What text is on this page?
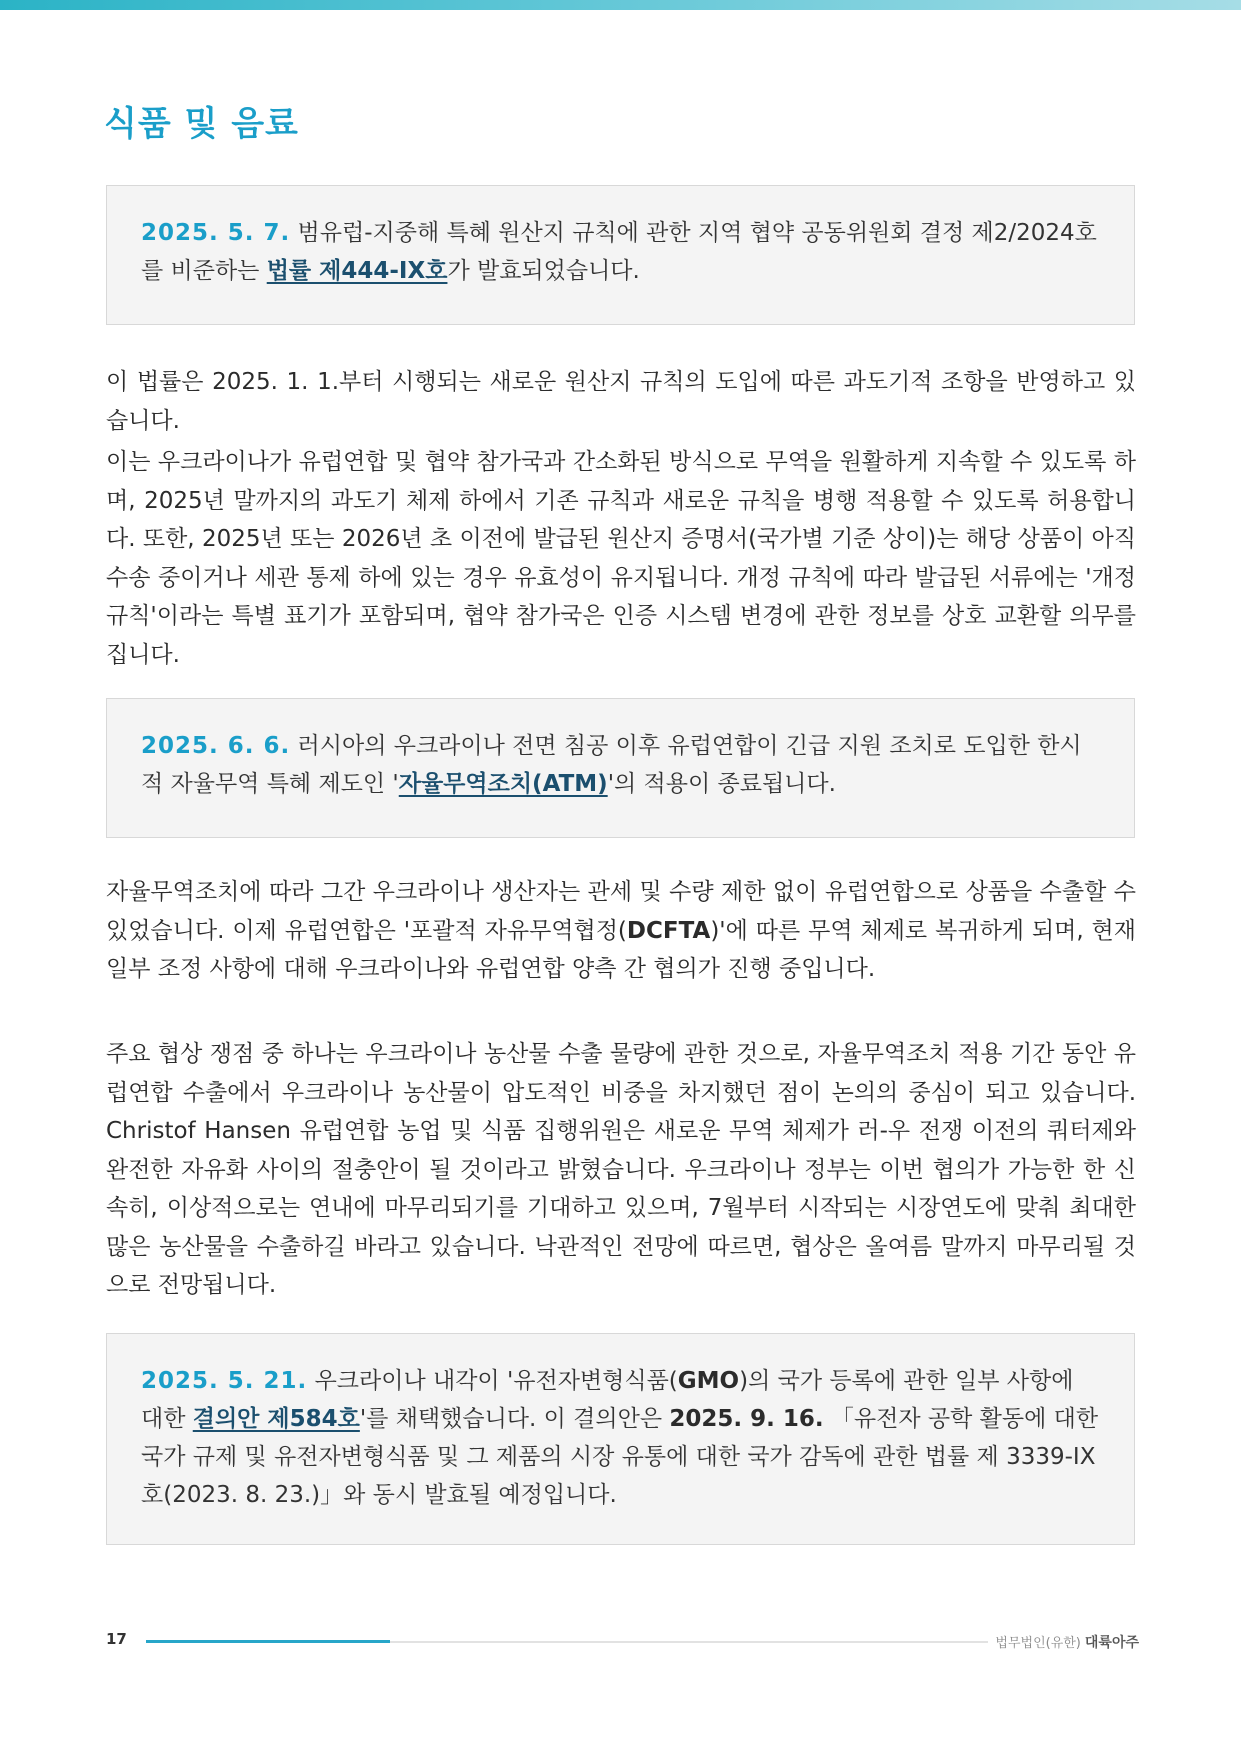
식품 및 음료
2025. 5. 7. 범유럽-지중해 특혜 원산지 규칙에 관한 지역 협약 공동위원회 결정 제2/2024호를 비준하는 법률 제444-IX호가 발효되었습니다.

이 법률은 2025. 1. 1.부터 시행되는 새로운 원산지 규칙의 도입에 따른 과도기적 조항을 반영하고 있습니다.

이는 우크라이나가 유럽연합 및 협약 참가국과 간소화된 방식으로 무역을 원활하게 지속할 수 있도록 하며, 2025년 말까지의 과도기 체제 하에서 기존 규칙과 새로운 규칙을 병행 적용할 수 있도록 허용합니다. 또한, 2025년 또는 2026년 초 이전에 발급된 원산지 증명서(국가별 기준 상이)는 해당 상품이 아직 수송 중이거나 세관 통제 하에 있는 경우 유효성이 유지됩니다. 개정 규칙에 따라 발급된 서류에는 '개정 규칙'이라는 특별 표기가 포함되며, 협약 참가국은 인증 시스템 변경에 관한 정보를 상호 교환할 의무를 집니다.

2025. 6. 6. 러시아의 우크라이나 전면 침공 이후 유럽연합이 긴급 지원 조치로 도입한 한시적 자율무역 특혜 제도인 '자율무역조치(ATM)'의 적용이 종료됩니다.

자율무역조치에 따라 그간 우크라이나 생산자는 관세 및 수량 제한 없이 유럽연합으로 상품을 수출할 수 있었습니다. 이제 유럽연합은 '포괄적 자유무역협정(DCFTA)'에 따른 무역 체제로 복귀하게 되며, 현재 일부 조정 사항에 대해 우크라이나와 유럽연합 양측 간 협의가 진행 중입니다.

주요 협상 쟁점 중 하나는 우크라이나 농산물 수출 물량에 관한 것으로, 자율무역조치 적용 기간 동안 유럽연합 수출에서 우크라이나 농산물이 압도적인 비중을 차지했던 점이 논의의 중심이 되고 있습니다. Christof Hansen 유럽연합 농업 및 식품 집행위원은 새로운 무역 체제가 러-우 전쟁 이전의 쿼터제와 완전한 자유화 사이의 절충안이 될 것이라고 밝혔습니다. 우크라이나 정부는 이번 협의가 가능한 한 신속히, 이상적으로는 연내에 마무리되기를 기대하고 있으며, 7월부터 시작되는 시장연도에 맞춰 최대한 많은 농산물을 수출하길 바라고 있습니다. 낙관적인 전망에 따르면, 협상은 올여름 말까지 마무리될 것으로 전망됩니다.

2025. 5. 21. 우크라이나 내각이 '유전자변형식품(GMO)의 국가 등록에 관한 일부 사항에 대한 결의안 제584호'를 채택했습니다. 이 결의안은 2025. 9. 16. 「유전자 공학 활동에 대한 국가 규제 및 유전자변형식품 및 그 제품의 시장 유통에 대한 국가 감독에 관한 법률 제 3339-IX호(2023. 8. 23.)」와 동시 발효될 예정입니다.
17	법무법인(유한) 대륙아주
